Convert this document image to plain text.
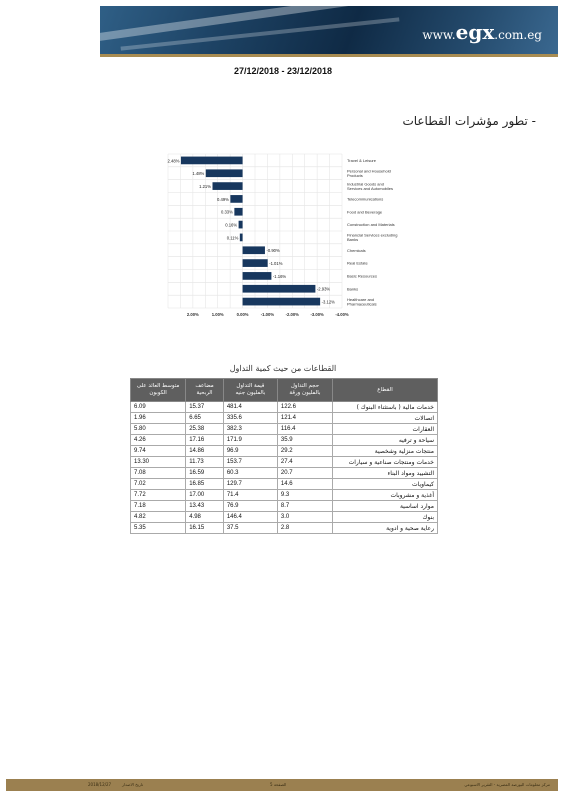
www.egx.com.eg
27/12/2018 - 23/12/2018
- تطور مؤشرات القطاعات
2.48%	Travel & Leisure
1.48%
Personal and Household
Products
1.21%
Industrial Goods and
Services and Automobiles
0.49%	Telecommunications
0.33%	Food and Beverage
0.16%	Construction and Materials
0.11%
Financial Services excluding
Banks
-0.90%	Chemicals
-1.01%	Real Estate
-1.16%	Basic Resources
-2.93%	Banks
-3.12%
Healthcare and
Pharmaceuticals
2.00%	1.00%	0.00%	-1.00%	-2.00%	-3.00%	-4.00%
القطاعات من حيث كمية التداول
القطاع	حجم التداول بالمليون ورقة	قيمة التداول بالمليون جنيه	مضاعف الربحية	متوسط العائد على الكوبون
خدمات مالية ( باستثناء البنوك )	122.6	481.4	15.37	6.09
اتصالات	121.4	335.6	6.65	1.96
العقارات	116.4	382.3	25.38	5.80
سياحة و ترفيه	35.9	171.9	17.16	4.26
منتجات منزلية وشخصية	29.2	96.9	14.86	9.74
خدمات ومنتجات صناعية و سيارات	27.4	153.7	11.73	13.30
التشييد ومواد البناء	20.7	60.3	16.59	7.08
كيماويات	14.6	129.7	16.85	7.02
أغذية و مشروبات	9.3	71.4	17.00	7.72
موارد اساسية	8.7	76.9	13.43	7.18
بنوك	3.0	146.4	4.98	4.82
رعاية صحية و ادوية	2.8	37.5	16.15	5.35
مركز معلومات البورصة المصرية - التقرير الاسبوعي
الصفحة 5
تاريخ الاصدار
2018/12/27
